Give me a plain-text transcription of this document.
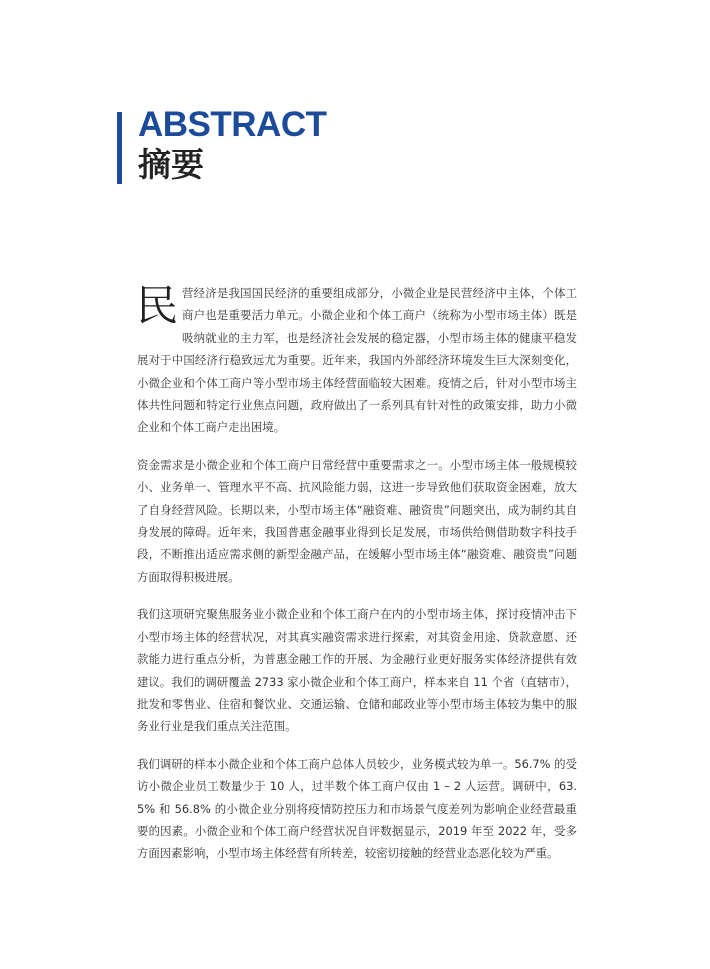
ABSTRACT
摘要

民营经济是我国国民经济的重要组成部分，小微企业是民营经济中主体，个体工商户也是重要活力单元。小微企业和个体工商户（统称为小型市场主体）既是吸纳就业的主力军，也是经济社会发展的稳定器，小型市场主体的健康平稳发展对于中国经济行稳致远尤为重要。近年来，我国内外部经济环境发生巨大深刻变化，小微企业和个体工商户等小型市场主体经营面临较大困难。疫情之后，针对小型市场主体共性问题和特定行业焦点问题，政府做出了一系列具有针对性的政策安排，助力小微企业和个体工商户走出困境。

资金需求是小微企业和个体工商户日常经营中重要需求之一。小型市场主体一般规模较小、业务单一、管理水平不高、抗风险能力弱，这进一步导致他们获取资金困难，放大了自身经营风险。长期以来，小型市场主体“融资难、融资贵”问题突出，成为制约其自身发展的障碍。近年来，我国普惠金融事业得到长足发展，市场供给侧借助数字科技手段，不断推出适应需求侧的新型金融产品，在缓解小型市场主体“融资难、融资贵”问题方面取得积极进展。

我们这项研究聚焦服务业小微企业和个体工商户在内的小型市场主体，探讨疫情冲击下小型市场主体的经营状况，对其真实融资需求进行探索，对其资金用途、贷款意愿、还款能力进行重点分析，为普惠金融工作的开展、为金融行业更好服务实体经济提供有效建议。我们的调研覆盖 2733 家小微企业和个体工商户，样本来自 11 个省（直辖市），批发和零售业、住宿和餐饮业、交通运输、仓储和邮政业等小型市场主体较为集中的服务业行业是我们重点关注范围。

我们调研的样本小微企业和个体工商户总体人员较少，业务模式较为单一。56.7% 的受访小微企业员工数量少于 10 人，过半数个体工商户仅由 1 – 2 人运营。调研中，63.5% 和 56.8% 的小微企业分别将疫情防控压力和市场景气度差列为影响企业经营最重要的因素。小微企业和个体工商户经营状况自评数据显示，2019 年至 2022 年，受多方面因素影响，小型市场主体经营有所转差，较密切接触的经营业态恶化较为严重。
